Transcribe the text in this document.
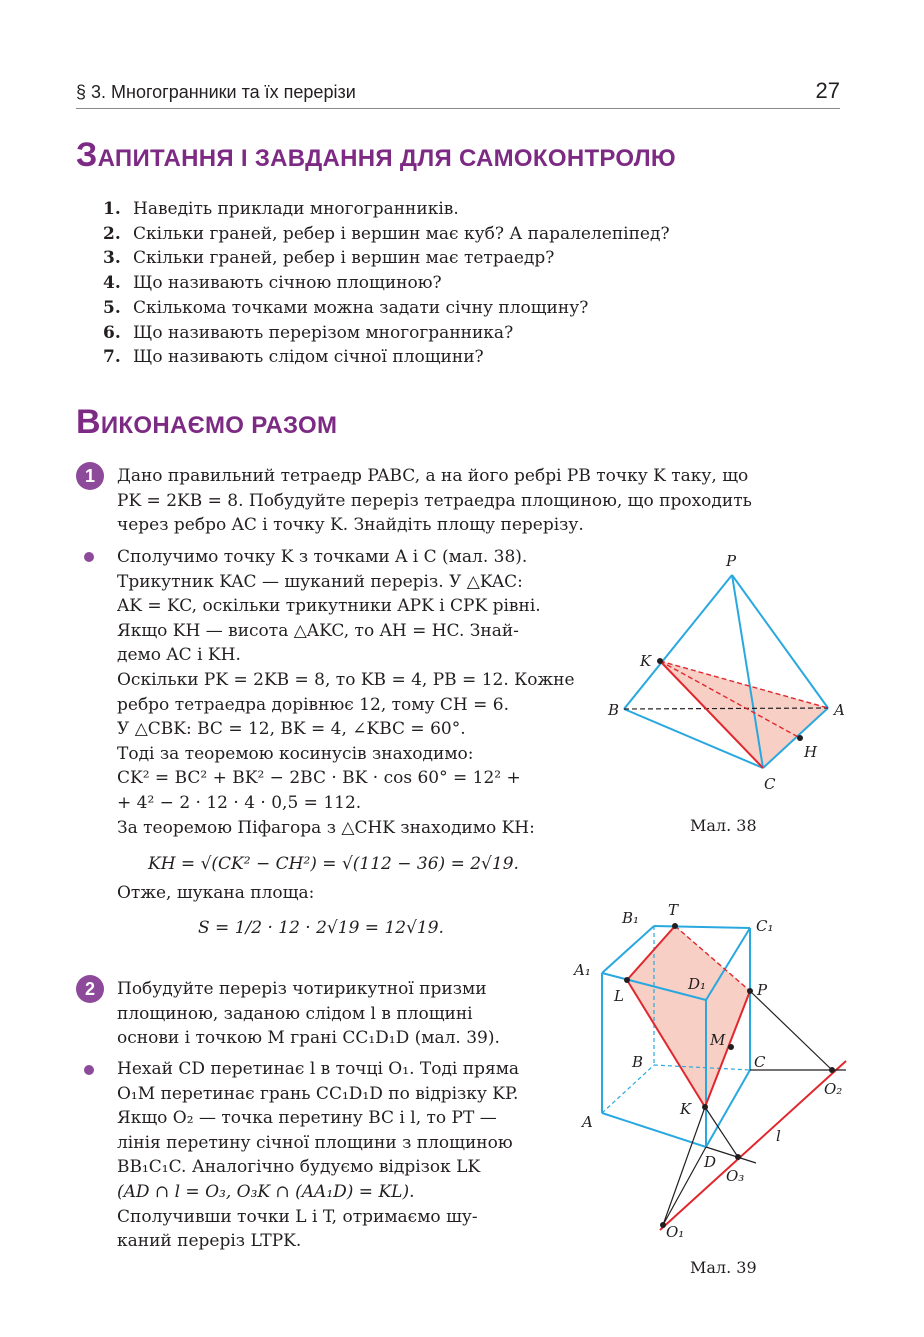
§ 3. Многогранники та їх перерізи	27
ЗАПИТАННЯ І ЗАВДАННЯ ДЛЯ САМОКОНТРОЛЮ
1. Наведіть приклади многогранників.
2. Скільки граней, ребер і вершин має куб? А паралелепіпед?
3. Скільки граней, ребер і вершин має тетраедр?
4. Що називають січною площиною?
5. Скількома точками можна задати січну площину?
6. Що називають перерізом многогранника?
7. Що називають слідом січної площини?
ВИКОНАЄМО РАЗОМ
1	Дано правильний тетраедр PABC, а на його ребрі PB точку K таку, що
PK = 2KB = 8. Побудуйте переріз тетраедра площиною, що проходить
через ребро AC і точку K. Знайдіть площу перерізу.
Сполучимо точку K з точками A і C (мал. 38).
Трикутник KAC — шуканий переріз. У △KAC:
AK = KC, оскільки трикутники APK і CPK рівні.
Якщо KH — висота △AKC, то AH = HC. Знай-
демо AC і KH.
Оскільки PK = 2KB = 8, то KB = 4, PB = 12. Кожне
ребро тетраедра дорівнює 12, тому CH = 6.
У △CBK: BC = 12, BK = 4, ∠KBC = 60°.
Тоді за теоремою косинусів знаходимо:
CK² = BC² + BK² − 2BC · BK · cos 60° = 12² +
+ 4² − 2 · 12 · 4 · 0,5 = 112.
За теоремою Піфагора з △CHK знаходимо KH:
KH = √(CK² − CH²) = √(112 − 36) = 2√19.
Отже, шукана площа:
S = 1/2 · 12 · 2√19 = 12√19.
P
K
B	A
H
C
Мал. 38
2	Побудуйте переріз чотирикутної призми
площиною, заданою слідом l в площині
основи і точкою M грані CC₁D₁D (мал. 39).
Нехай CD перетинає l в точці O₁. Тоді пряма
O₁M перетинає грань CC₁D₁D по відрізку KP.
Якщо O₂ — точка перетину BC і l, то PT —
лінія перетину січної площини з площиною
BB₁C₁C. Аналогічно будуємо відрізок LK
(AD ∩ l = O₃, O₃K ∩ (AA₁D) = KL).
Сполучивши точки L і T, отримаємо шу-
каний переріз LTPK.
B₁ T
C₁
A₁
L
D₁	P
M
B	C
O₂
A
K
l
D
O₃
O₁
Мал. 39
